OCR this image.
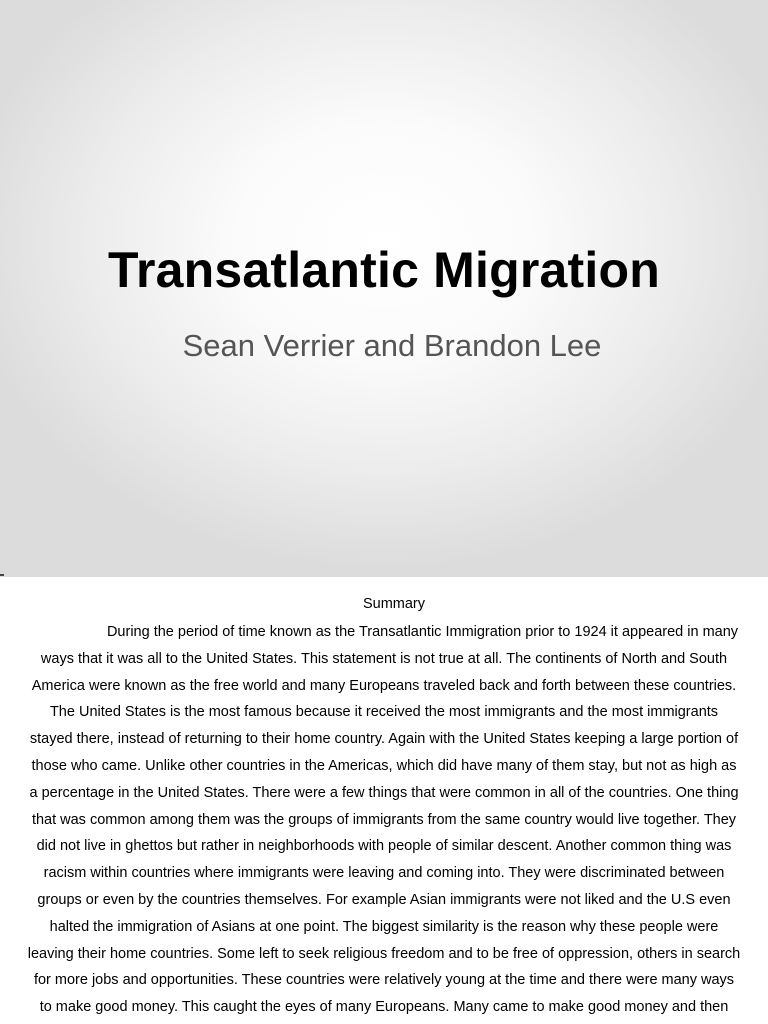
Transatlantic Migration
Sean Verrier and Brandon Lee
Summary
During the period of time known as the Transatlantic Immigration prior to 1924 it appeared in many
ways that it was all to the United States. This statement is not true at all. The continents of North and South
America were known as the free world and many Europeans traveled back and forth between these countries.
The United States is the most famous because it received the most immigrants and the most immigrants
stayed there, instead of returning to their home country. Again with the United States keeping a large portion of
those who came. Unlike other countries in the Americas, which did have many of them stay, but not as high as
a percentage in the United States. There were a few things that were common in all of the countries. One thing
that was common among them was the groups of immigrants from the same country would live together. They
did not live in ghettos but rather in neighborhoods with people of similar descent. Another common thing was
racism within countries where immigrants were leaving and coming into. They were discriminated between
groups or even by the countries themselves. For example Asian immigrants were not liked and the U.S even
halted the immigration of Asians at one point. The biggest similarity is the reason why these people were
leaving their home countries. Some left to seek religious freedom and to be free of oppression, others in search
for more jobs and opportunities. These countries were relatively young at the time and there were many ways
to make good money. This caught the eyes of many Europeans. Many came to make good money and then
